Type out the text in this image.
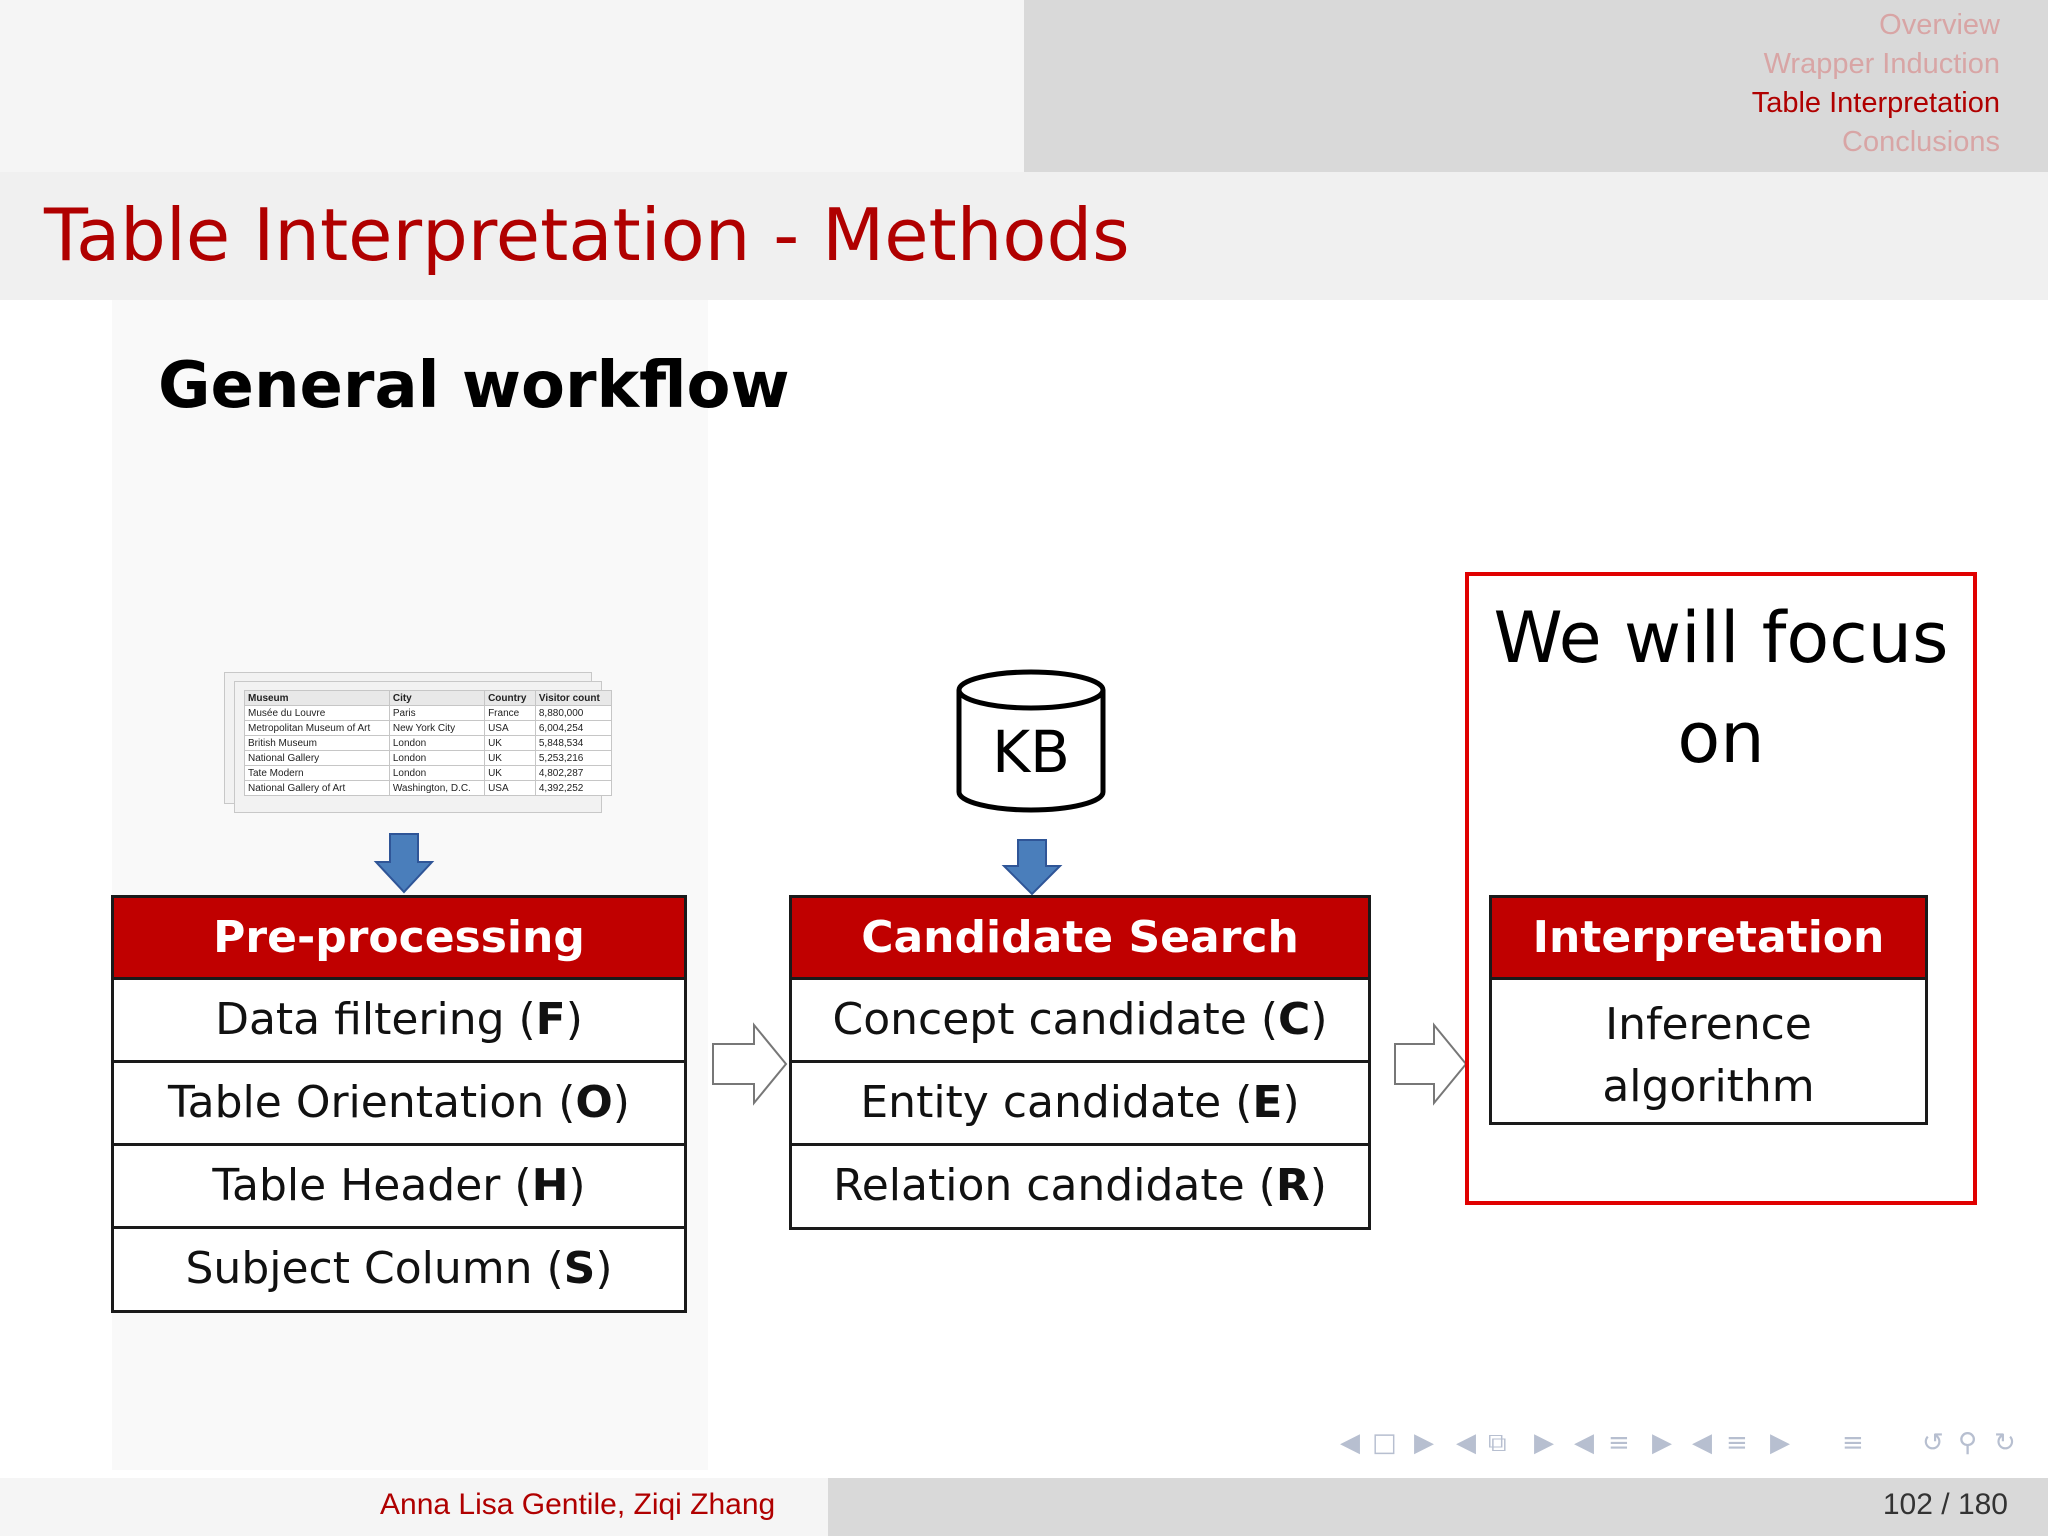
Overview
Wrapper Induction
Table Interpretation
Conclusions
Table Interpretation - Methods
General workflow
Museum	City	Country	Visitor count
Musée du Louvre	Paris	France	8,880,000
Metropolitan Museum of Art	New York City	USA	6,004,254
British Museum	London	UK	5,848,534
National Gallery	London	UK	5,253,216
Tate Modern	London	UK	4,802,287
National Gallery of Art	Washington, D.C.	USA	4,392,252
KB
Pre-processing
Data filtering (F)
Table Orientation (O)
Table Header (H)
Subject Column (S)
Candidate Search
Concept candidate (C)
Entity candidate (E)
Relation candidate (R)
We will focus
on
Interpretation
Inference
algorithm
◀ □ ▶ ◀ ⧉ ▶ ◀ ≡ ▶ ◀ ≡ ▶ ≡ ↺ ⚲ ↻
Anna Lisa Gentile, Ziqi Zhang	102 / 180
